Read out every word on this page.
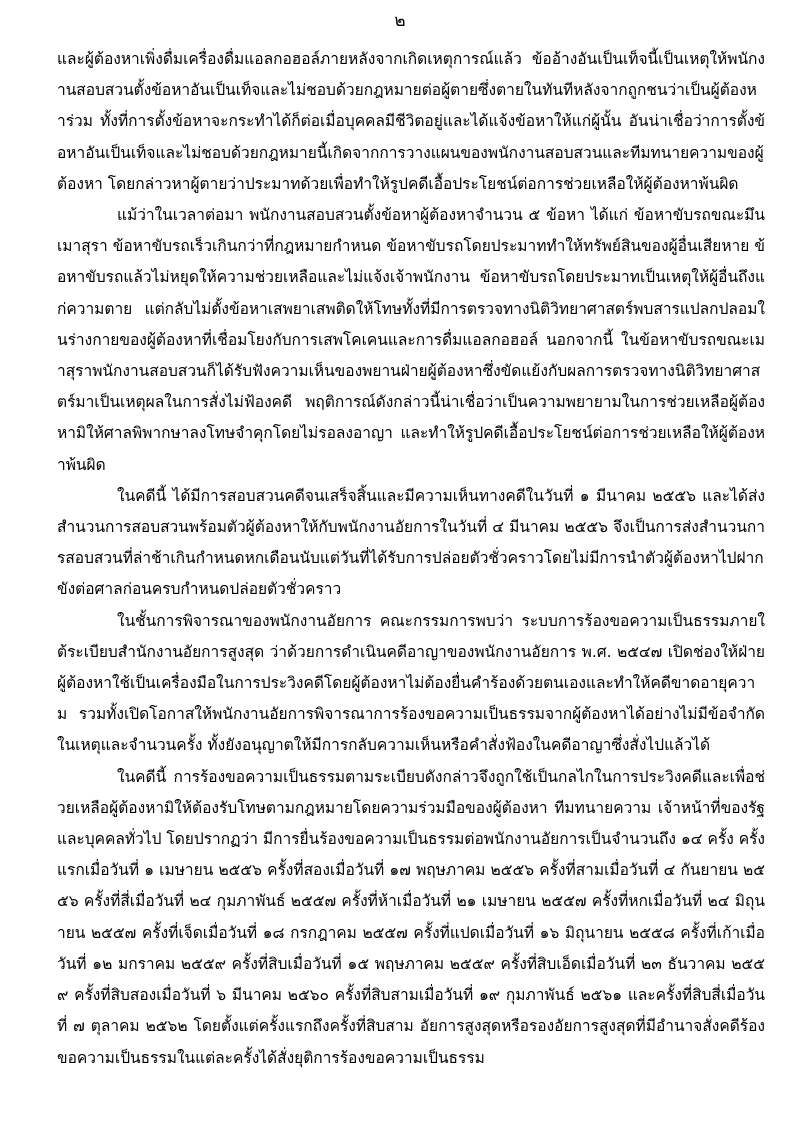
๒

และผู้ต้องหาเพิ่งดื่มเครื่องดื่มแอลกอฮอล์ภายหลังจากเกิดเหตุการณ์แล้ว ข้ออ้างอันเป็นเท็จนี้เป็นเหตุให้พนักงานสอบสวนตั้งข้อหาอันเป็นเท็จและไม่ชอบด้วยกฎหมายต่อผู้ตายซึ่งตายในทันทีหลังจากถูกชนว่าเป็นผู้ต้องหาร่วม ทั้งที่การตั้งข้อหาจะกระทำได้ก็ต่อเมื่อบุคคลมีชีวิตอยู่และได้แจ้งข้อหาให้แก่ผู้นั้น อันน่าเชื่อว่าการตั้งข้อหาอันเป็นเท็จและไม่ชอบด้วยกฎหมายนี้เกิดจากการวางแผนของพนักงานสอบสวนและทีมทนายความของผู้ต้องหา โดยกล่าวหาผู้ตายว่าประมาทด้วยเพื่อทำให้รูปคดีเอื้อประโยชน์ต่อการช่วยเหลือให้ผู้ต้องหาพ้นผิด

แม้ว่าในเวลาต่อมา พนักงานสอบสวนตั้งข้อหาผู้ต้องหาจำนวน ๕ ข้อหา ได้แก่ ข้อหาขับรถขณะมึนเมาสุรา ข้อหาขับรถเร็วเกินกว่าที่กฎหมายกำหนด ข้อหาขับรถโดยประมาททำให้ทรัพย์สินของผู้อื่นเสียหาย ข้อหาขับรถแล้วไม่หยุดให้ความช่วยเหลือและไม่แจ้งเจ้าพนักงาน ข้อหาขับรถโดยประมาทเป็นเหตุให้ผู้อื่นถึงแก่ความตาย แต่กลับไม่ตั้งข้อหาเสพยาเสพติดให้โทษทั้งที่มีการตรวจทางนิติวิทยาศาสตร์พบสารแปลกปลอมในร่างกายของผู้ต้องหาที่เชื่อมโยงกับการเสพโคเคนและการดื่มแอลกอฮอล์ นอกจากนี้ ในข้อหาขับรถขณะเมาสุราพนักงานสอบสวนก็ได้รับฟังความเห็นของพยานฝ่ายผู้ต้องหาซึ่งขัดแย้งกับผลการตรวจทางนิติวิทยาศาสตร์มาเป็นเหตุผลในการสั่งไม่ฟ้องคดี พฤติการณ์ดังกล่าวนี้น่าเชื่อว่าเป็นความพยายามในการช่วยเหลือผู้ต้องหามิให้ศาลพิพากษาลงโทษจำคุกโดยไม่รอลงอาญา และทำให้รูปคดีเอื้อประโยชน์ต่อการช่วยเหลือให้ผู้ต้องหาพ้นผิด

ในคดีนี้ ได้มีการสอบสวนคดีจนเสร็จสิ้นและมีความเห็นทางคดีในวันที่ ๑ มีนาคม ๒๕๕๖ และได้ส่งสำนวนการสอบสวนพร้อมตัวผู้ต้องหาให้กับพนักงานอัยการในวันที่ ๔ มีนาคม ๒๕๕๖ จึงเป็นการส่งสำนวนการสอบสวนที่ล่าช้าเกินกำหนดหกเดือนนับแต่วันที่ได้รับการปล่อยตัวชั่วคราวโดยไม่มีการนำตัวผู้ต้องหาไปฝากขังต่อศาลก่อนครบกำหนดปล่อยตัวชั่วคราว

ในชั้นการพิจารณาของพนักงานอัยการ คณะกรรมการพบว่า ระบบการร้องขอความเป็นธรรมภายใต้ระเบียบสำนักงานอัยการสูงสุด ว่าด้วยการดำเนินคดีอาญาของพนักงานอัยการ พ.ศ. ๒๕๔๗ เปิดช่องให้ฝ่ายผู้ต้องหาใช้เป็นเครื่องมือในการประวิงคดีโดยผู้ต้องหาไม่ต้องยื่นคำร้องด้วยตนเองและทำให้คดีขาดอายุความ รวมทั้งเปิดโอกาสให้พนักงานอัยการพิจารณาการร้องขอความเป็นธรรมจากผู้ต้องหาได้อย่างไม่มีข้อจำกัดในเหตุและจำนวนครั้ง ทั้งยังอนุญาตให้มีการกลับความเห็นหรือคำสั่งฟ้องในคดีอาญาซึ่งสั่งไปแล้วได้

ในคดีนี้ การร้องขอความเป็นธรรมตามระเบียบดังกล่าวจึงถูกใช้เป็นกลไกในการประวิงคดีและเพื่อช่วยเหลือผู้ต้องหามิให้ต้องรับโทษตามกฎหมายโดยความร่วมมือของผู้ต้องหา ทีมทนายความ เจ้าหน้าที่ของรัฐ และบุคคลทั่วไป โดยปรากฏว่า มีการยื่นร้องขอความเป็นธรรมต่อพนักงานอัยการเป็นจำนวนถึง ๑๔ ครั้ง ครั้งแรกเมื่อวันที่ ๑ เมษายน ๒๕๕๖ ครั้งที่สองเมื่อวันที่ ๑๗ พฤษภาคม ๒๕๕๖ ครั้งที่สามเมื่อวันที่ ๔ กันยายน ๒๕๕๖ ครั้งที่สี่เมื่อวันที่ ๒๔ กุมภาพันธ์ ๒๕๕๗ ครั้งที่ห้าเมื่อวันที่ ๒๑ เมษายน ๒๕๕๗ ครั้งที่หกเมื่อวันที่ ๒๔ มิถุนายน ๒๕๕๗ ครั้งที่เจ็ดเมื่อวันที่ ๑๘ กรกฎาคม ๒๕๕๗ ครั้งที่แปดเมื่อวันที่ ๑๖ มิถุนายน ๒๕๕๘ ครั้งที่เก้าเมื่อวันที่ ๑๒ มกราคม ๒๕๕๙ ครั้งที่สิบเมื่อวันที่ ๑๕ พฤษภาคม ๒๕๕๙ ครั้งที่สิบเอ็ดเมื่อวันที่ ๒๓ ธันวาคม ๒๕๕๙ ครั้งที่สิบสองเมื่อวันที่ ๖ มีนาคม ๒๕๖๐ ครั้งที่สิบสามเมื่อวันที่ ๑๙ กุมภาพันธ์ ๒๕๖๑ และครั้งที่สิบสี่เมื่อวันที่ ๗ ตุลาคม ๒๕๖๒ โดยตั้งแต่ครั้งแรกถึงครั้งที่สิบสาม อัยการสูงสุดหรือรองอัยการสูงสุดที่มีอำนาจสั่งคดีร้องขอความเป็นธรรมในแต่ละครั้งได้สั่งยุติการร้องขอความเป็นธรรม
